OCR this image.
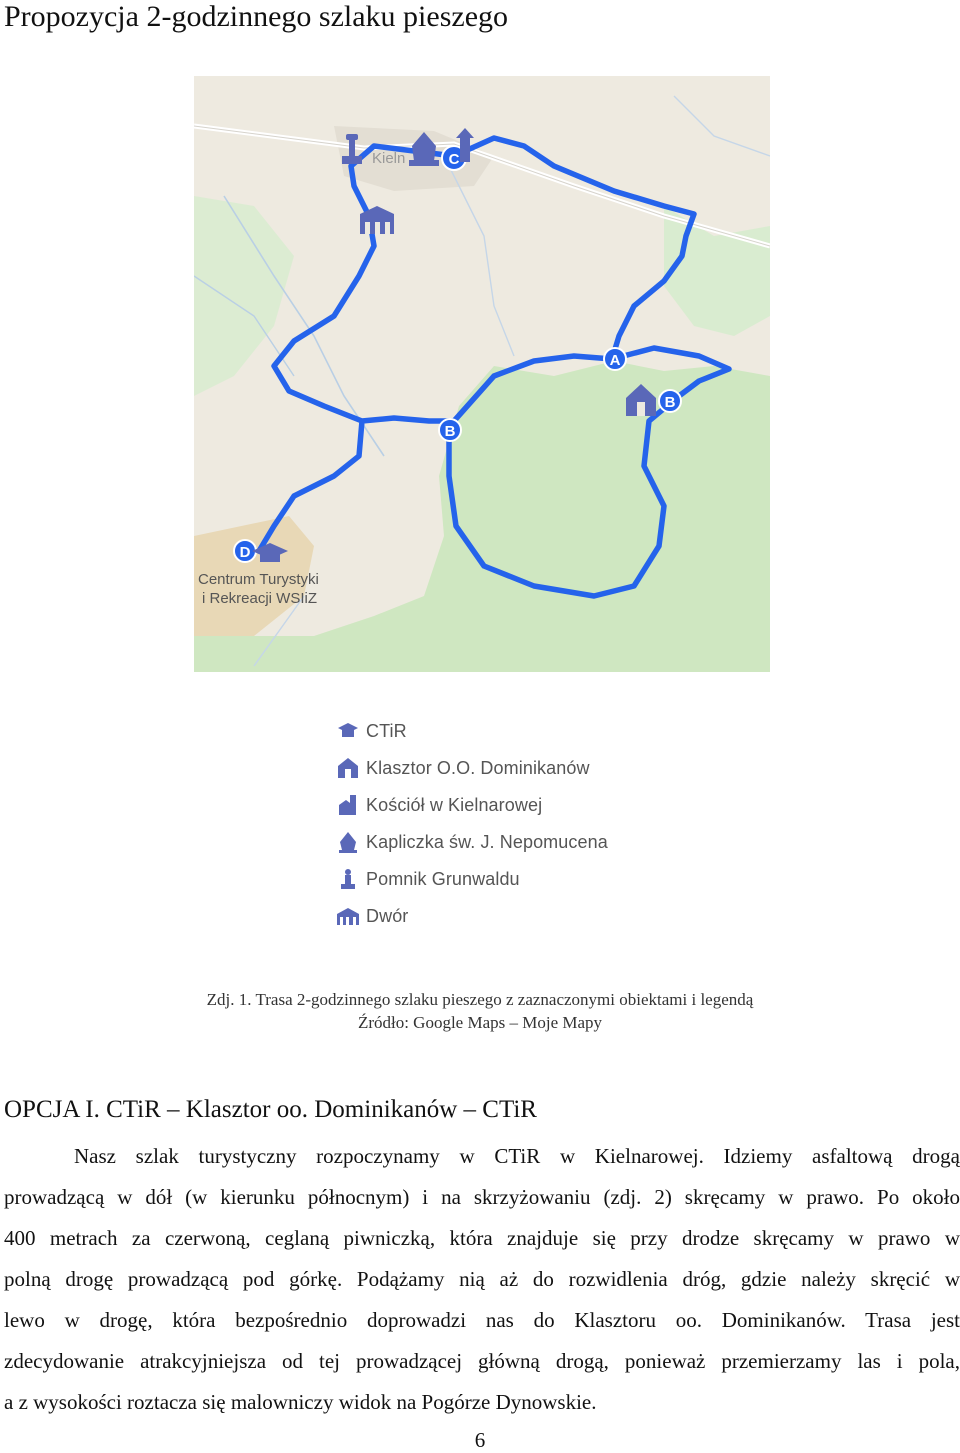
Propozycja 2-godzinnego szlaku pieszego
Kieln
A
B
B
C
D
Centrum Turystyki
i Rekreacji WSIiZ
CTiR
Klasztor O.O. Dominikanów
Kościół w Kielnarowej
Kapliczka św. J. Nepomucena
Pomnik Grunwaldu
Dwór
Zdj. 1. Trasa 2-godzinnego szlaku pieszego z zaznaczonymi obiektami i legendą
Źródło: Google Maps – Moje Mapy
OPCJA I. CTiR – Klasztor oo. Dominikanów – CTiR
Nasz szlak turystyczny rozpoczynamy w CTiR w Kielnarowej. Idziemy asfaltową drogą
prowadzącą w dół (w kierunku północnym) i na skrzyżowaniu (zdj. 2) skręcamy w prawo. Po około
400 metrach za czerwoną, ceglaną piwniczką, która znajduje się przy drodze skręcamy w prawo w
polną drogę prowadzącą pod górkę. Podążamy nią aż do rozwidlenia dróg, gdzie należy skręcić w
lewo w drogę, która bezpośrednio doprowadzi nas do Klasztoru oo. Dominikanów. Trasa jest
zdecydowanie atrakcyjniejsza od tej prowadzącej główną drogą, ponieważ przemierzamy las i pola,
a z wysokości roztacza się malowniczy widok na Pogórze Dynowskie.
6
